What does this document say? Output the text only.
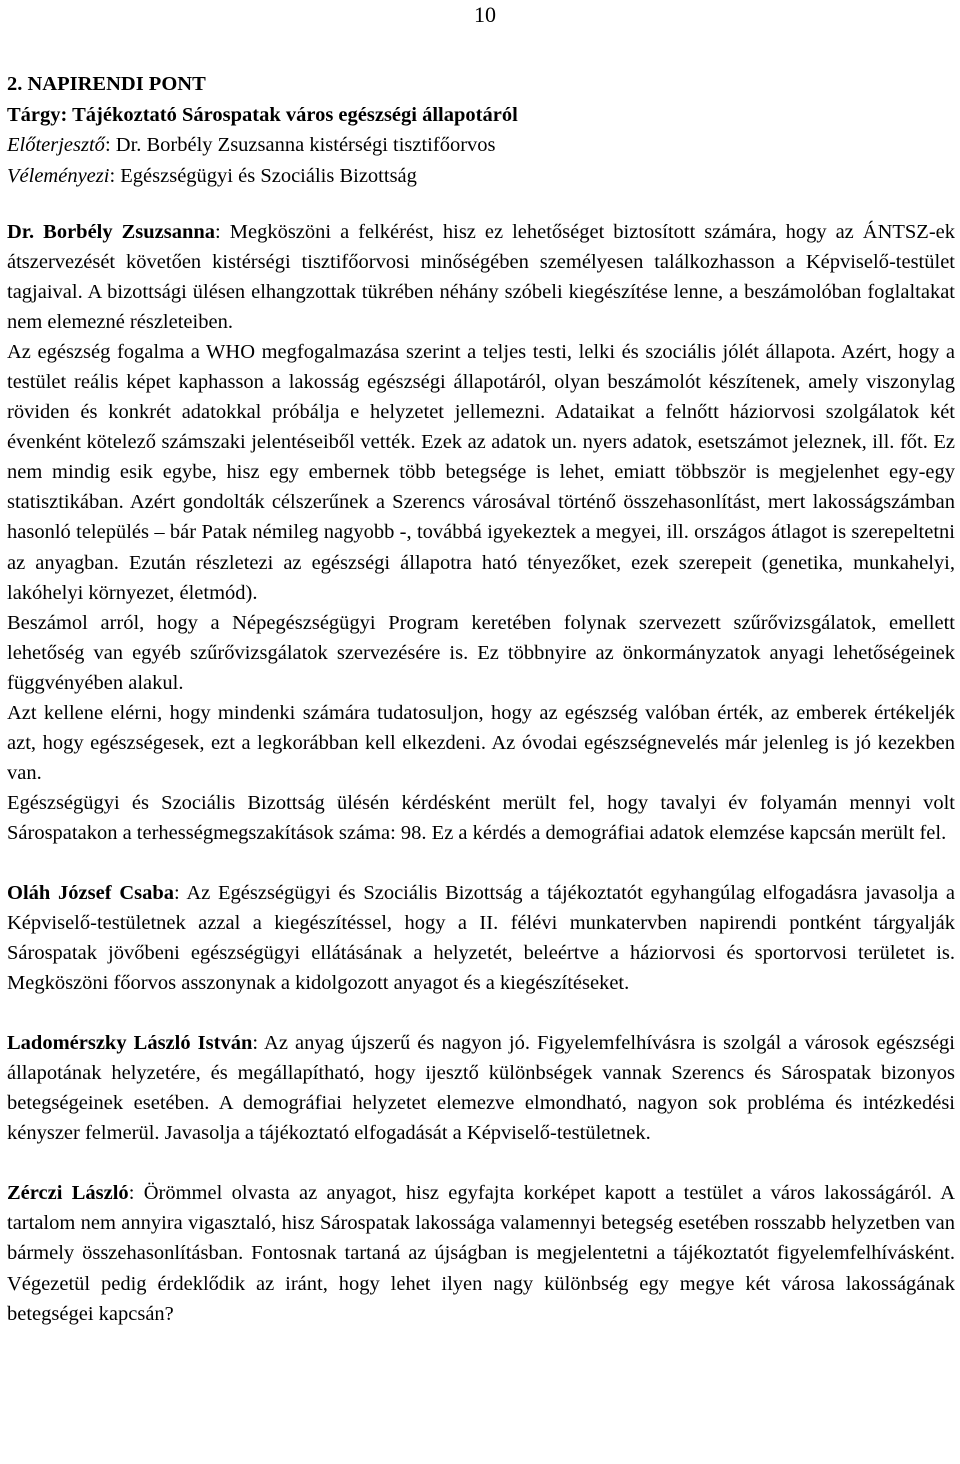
10
2. NAPIRENDI PONT
Tárgy: Tájékoztató Sárospatak város egészségi állapotáról
Előterjesztő: Dr. Borbély Zsuzsanna kistérségi tisztifőorvos
Véleményezi: Egészségügyi és Szociális Bizottság

Dr. Borbély Zsuzsanna: Megköszöni a felkérést, hisz ez lehetőséget biztosított számára, hogy az ÁNTSZ-ek átszervezését követően kistérségi tisztifőorvosi minőségében személyesen találkozhasson a Képviselő-testület tagjaival. A bizottsági ülésen elhangzottak tükrében néhány szóbeli kiegészítése lenne, a beszámolóban foglaltakat nem elemezné részleteiben.

Az egészség fogalma a WHO megfogalmazása szerint a teljes testi, lelki és szociális jólét állapota. Azért, hogy a testület reális képet kaphasson a lakosság egészségi állapotáról, olyan beszámolót készítenek, amely viszonylag röviden és konkrét adatokkal próbálja e helyzetet jellemezni. Adataikat a felnőtt háziorvosi szolgálatok két évenként kötelező számszaki jelentéseiből vették. Ezek az adatok un. nyers adatok, esetszámot jeleznek, ill. főt. Ez nem mindig esik egybe, hisz egy embernek több betegsége is lehet, emiatt többször is megjelenhet egy-egy statisztikában. Azért gondolták célszerűnek a Szerencs városával történő összehasonlítást, mert lakosságszámban hasonló település – bár Patak némileg nagyobb -, továbbá igyekeztek a megyei, ill. országos átlagot is szerepeltetni az anyagban. Ezután részletezi az egészségi állapotra ható tényezőket, ezek szerepeit (genetika, munkahelyi, lakóhelyi környezet, életmód).

Beszámol arról, hogy a Népegészségügyi Program keretében folynak szervezett szűrővizsgálatok, emellett lehetőség van egyéb szűrővizsgálatok szervezésére is. Ez többnyire az önkormányzatok anyagi lehetőségeinek függvényében alakul.

Azt kellene elérni, hogy mindenki számára tudatosuljon, hogy az egészség valóban érték, az emberek értékeljék azt, hogy egészségesek, ezt a legkorábban kell elkezdeni. Az óvodai egészségnevelés már jelenleg is jó kezekben van.

Egészségügyi és Szociális Bizottság ülésén kérdésként merült fel, hogy tavalyi év folyamán mennyi volt Sárospatakon a terhességmegszakítások száma: 98. Ez a kérdés a demográfiai adatok elemzése kapcsán merült fel.

Oláh József Csaba: Az Egészségügyi és Szociális Bizottság a tájékoztatót egyhangúlag elfogadásra javasolja a Képviselő-testületnek azzal a kiegészítéssel, hogy a II. félévi munkatervben napirendi pontként tárgyalják Sárospatak jövőbeni egészségügyi ellátásának a helyzetét, beleértve a háziorvosi és sportorvosi területet is. Megköszöni főorvos asszonynak a kidolgozott anyagot és a kiegészítéseket.

Ladomérszky László István: Az anyag újszerű és nagyon jó. Figyelemfelhívásra is szolgál a városok egészségi állapotának helyzetére, és megállapítható, hogy ijesztő különbségek vannak Szerencs és Sárospatak bizonyos betegségeinek esetében. A demográfiai helyzetet elemezve elmondható, nagyon sok probléma és intézkedési kényszer felmerül. Javasolja a tájékoztató elfogadását a Képviselő-testületnek.

Zérczi László: Örömmel olvasta az anyagot, hisz egyfajta korképet kapott a testület a város lakosságáról. A tartalom nem annyira vigasztaló, hisz Sárospatak lakossága valamennyi betegség esetében rosszabb helyzetben van bármely összehasonlításban. Fontosnak tartaná az újságban is megjelentetni a tájékoztatót figyelemfelhívásként. Végezetül pedig érdeklődik az iránt, hogy lehet ilyen nagy különbség egy megye két városa lakosságának betegségei kapcsán?
